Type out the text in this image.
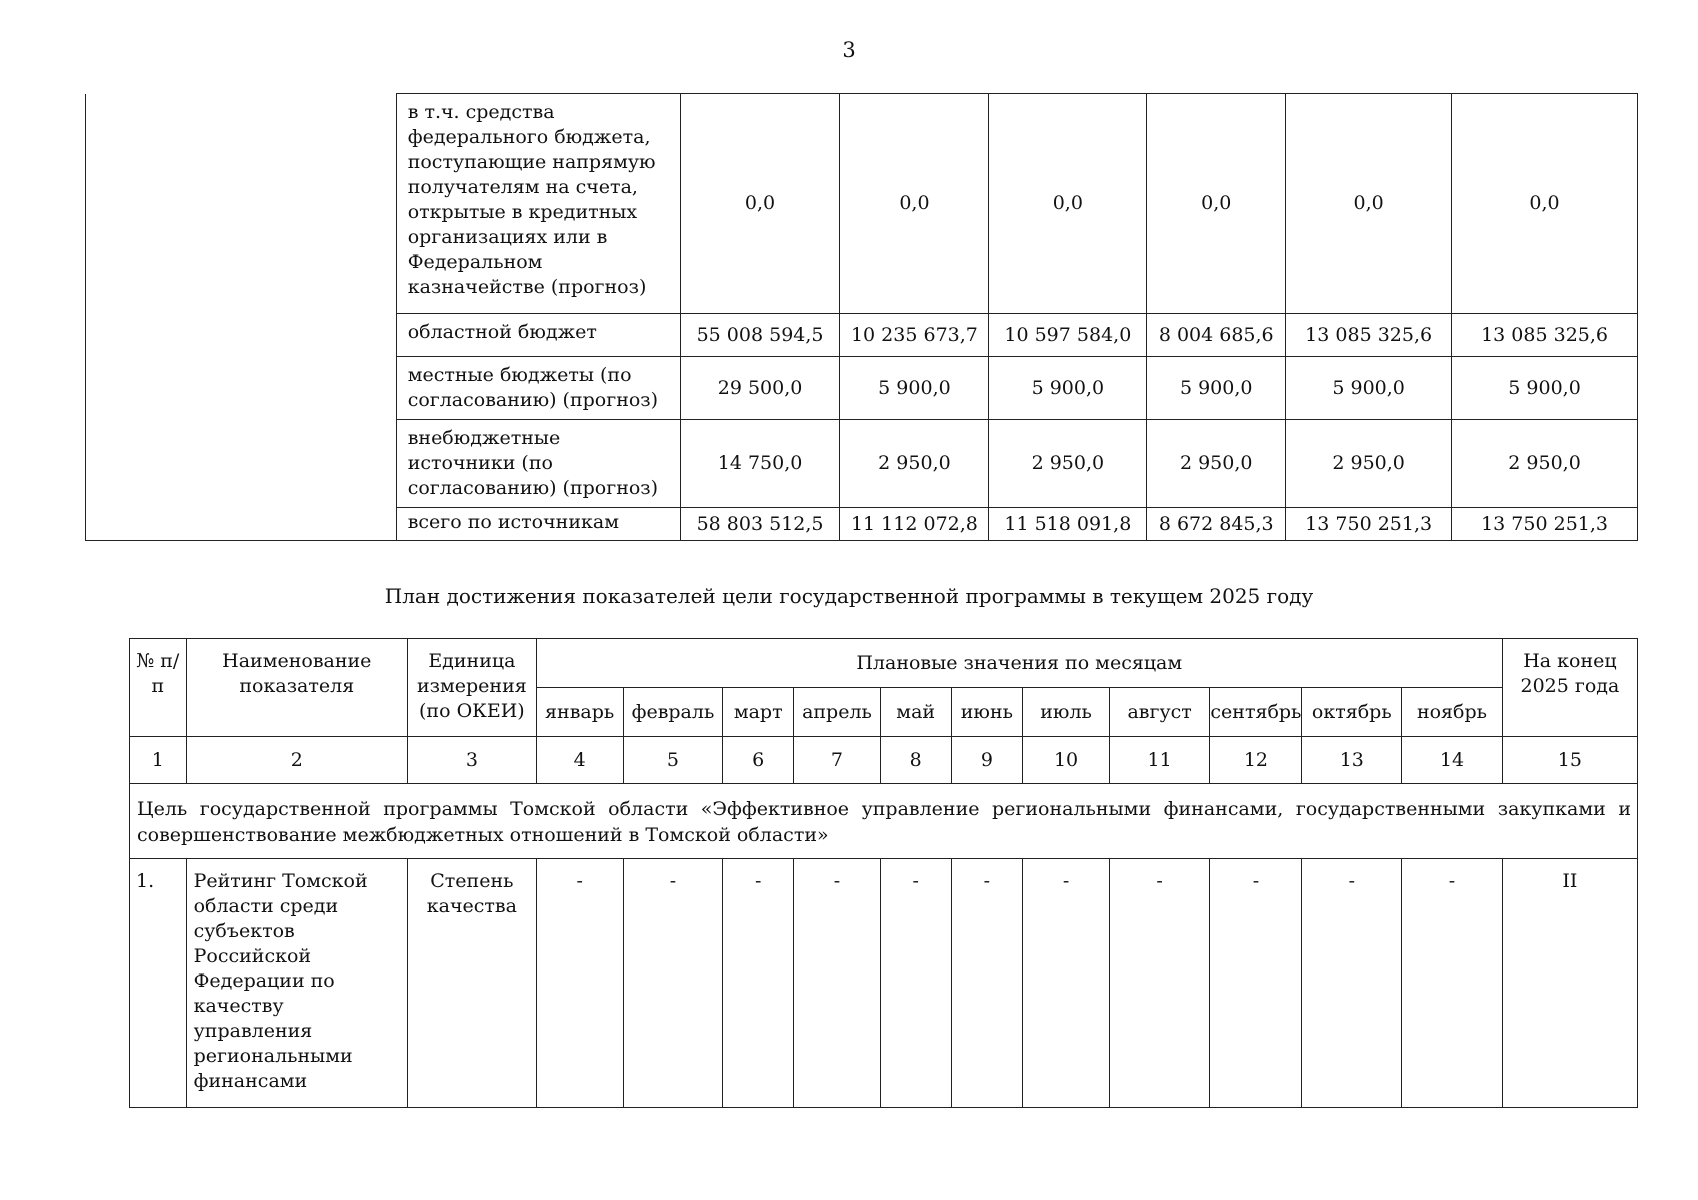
3
	в т.ч. средства федерального бюджета, поступающие напрямую получателям на счета, открытые в кредитных организациях или в Федеральном казначействе (прогноз)	0,0	0,0	0,0	0,0	0,0	0,0
	областной бюджет	55 008 594,5	10 235 673,7	10 597 584,0	8 004 685,6	13 085 325,6	13 085 325,6
	местные бюджеты (по согласованию) (прогноз)	29 500,0	5 900,0	5 900,0	5 900,0	5 900,0	5 900,0
	внебюджетные источники (по согласованию) (прогноз)	14 750,0	2 950,0	2 950,0	2 950,0	2 950,0	2 950,0
	всего по источникам	58 803 512,5	11 112 072,8	11 518 091,8	8 672 845,3	13 750 251,3	13 750 251,3
План достижения показателей цели государственной программы в текущем 2025 году
№ п/п	Наименование показателя	Единица измерения (по ОКЕИ)	Плановые значения по месяцам											На конец 2025 года
			январь	февраль	март	апрель	май	июнь	июль	август	сентябрь	октябрь	ноябрь	
1	2	3	4	5	6	7	8	9	10	11	12	13	14	15
Цель государственной программы Томской области «Эффективное управление региональными финансами, государственными закупками и совершенствование межбюджетных отношений в Томской области»														
1.	Рейтинг Томской области среди субъектов Российской Федерации по качеству управления региональными финансами	Степень качества	-	-	-	-	-	-	-	-	-	-	-	II
